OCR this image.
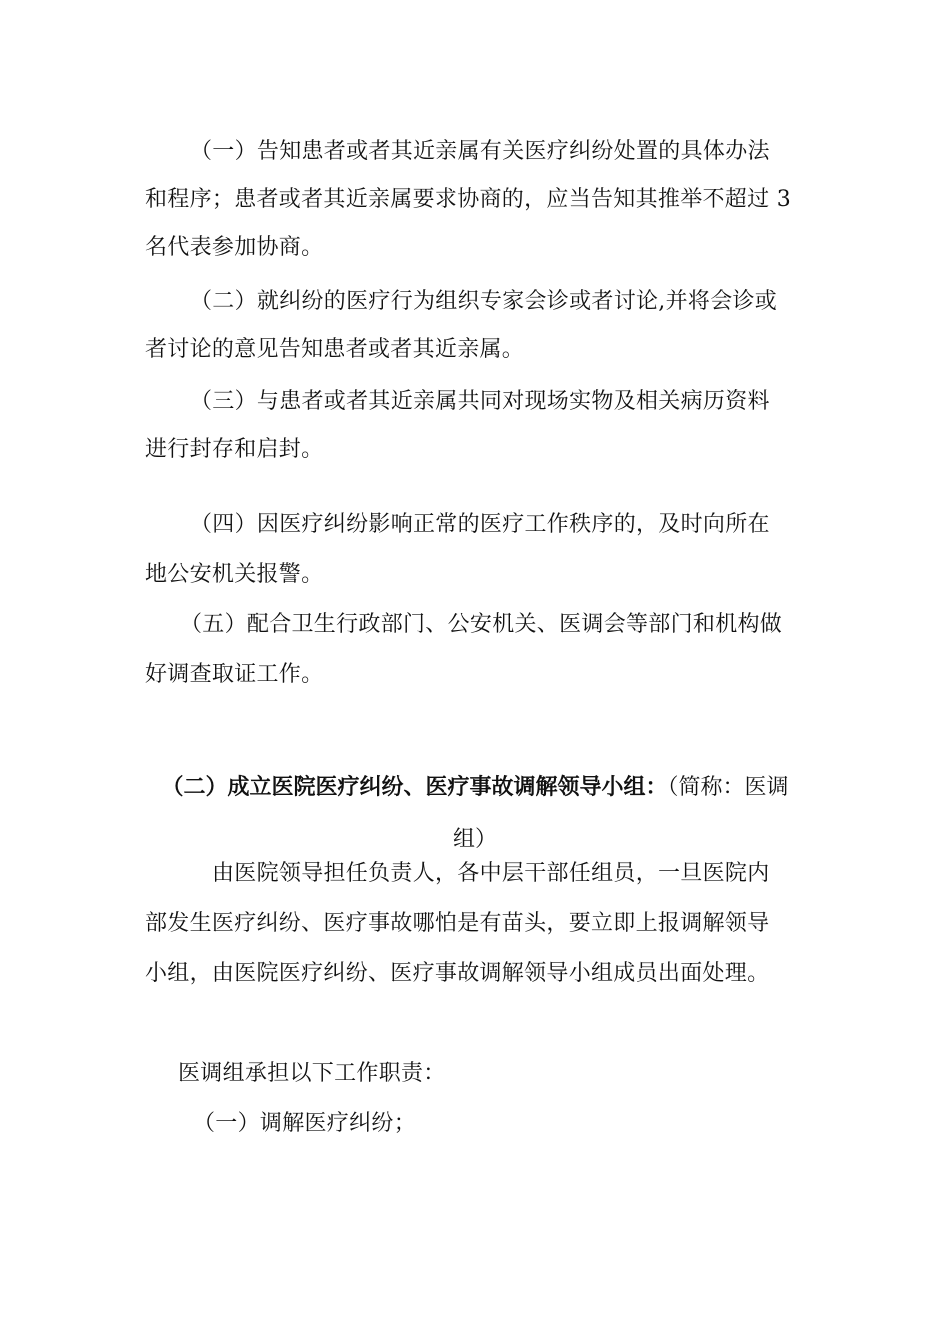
（一）告知患者或者其近亲属有关医疗纠纷处置的具体办法
和程序；患者或者其近亲属要求协商的，应当告知其推举不超过 3
名代表参加协商。
（二）就纠纷的医疗行为组织专家会诊或者讨论,并将会诊或
者讨论的意见告知患者或者其近亲属。
（三）与患者或者其近亲属共同对现场实物及相关病历资料
进行封存和启封。
（四）因医疗纠纷影响正常的医疗工作秩序的，及时向所在
地公安机关报警。
（五）配合卫生行政部门、公安机关、医调会等部门和机构做
好调查取证工作。
（二）成立医院医疗纠纷、医疗事故调解领导小组：（简称：医调组）
由医院领导担任负责人，各中层干部任组员，一旦医院内
部发生医疗纠纷、医疗事故哪怕是有苗头，要立即上报调解领导
小组，由医院医疗纠纷、医疗事故调解领导小组成员出面处理。
医调组承担以下工作职责：
（一）调解医疗纠纷；
